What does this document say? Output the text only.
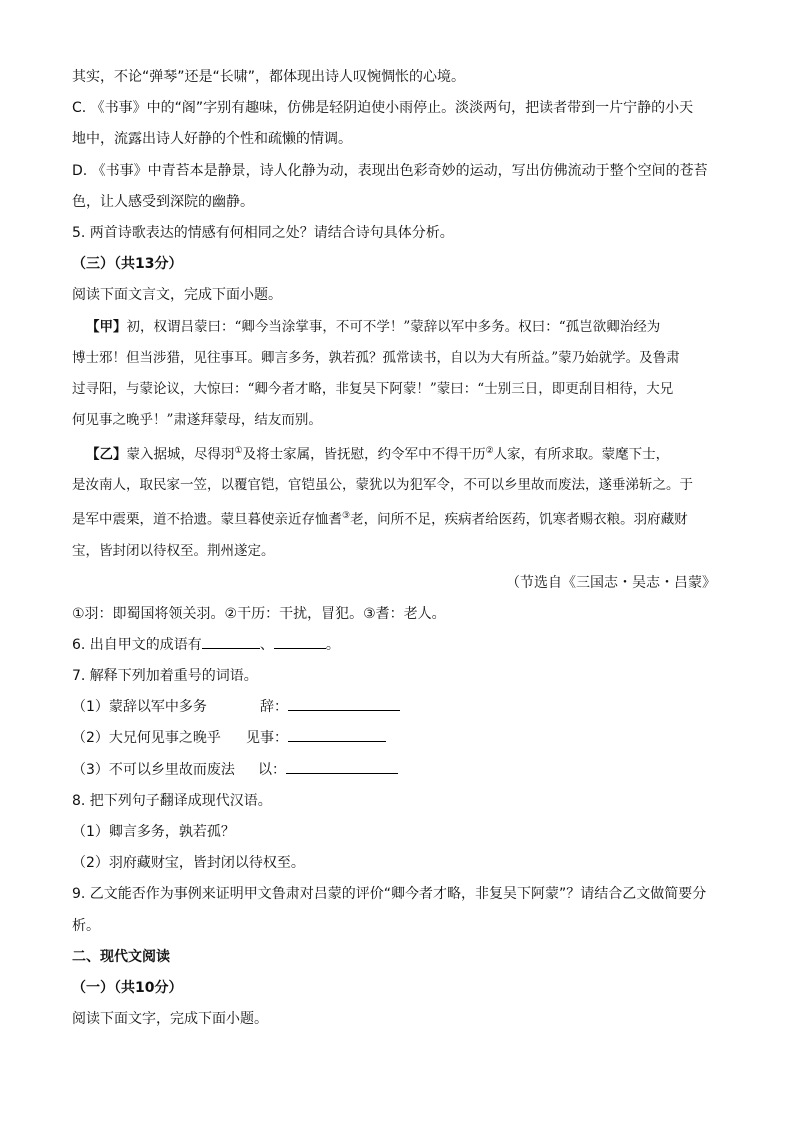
其实，不论“弹琴”还是“长啸”，都体现出诗人叹惋惆怅的心境。
C. 《书事》中的“阁”字别有趣味，仿佛是轻阴迫使小雨停止。淡淡两句，把读者带到一片宁静的小天
地中，流露出诗人好静的个性和疏懒的情调。
D. 《书事》中青苔本是静景，诗人化静为动，表现出色彩奇妙的运动，写出仿佛流动于整个空间的苍苔
色，让人感受到深院的幽静。
5. 两首诗歌表达的情感有何相同之处？请结合诗句具体分析。
（三）（共13分）
阅读下面文言文，完成下面小题。
【甲】初，权谓吕蒙曰：“卿今当涂掌事，不可不学！”蒙辞以军中多务。权曰：“孤岂欲卿治经为
博士邪！但当涉猎，见往事耳。卿言多务，孰若孤？孤常读书，自以为大有所益。”蒙乃始就学。及鲁肃
过寻阳，与蒙论议，大惊曰：“卿今者才略，非复吴下阿蒙！”蒙曰：“士别三日，即更刮目相待，大兄
何见事之晚乎！”肃遂拜蒙母，结友而别。
【乙】蒙入据城，尽得羽①及将士家属，皆抚慰，约令军中不得干历②人家，有所求取。蒙麾下士，
是汝南人，取民家一笠，以覆官铠，官铠虽公，蒙犹以为犯军令，不可以乡里故而废法，遂垂涕斩之。于
是军中震栗，道不拾遗。蒙旦暮使亲近存恤耆③老，问所不足，疾病者给医药，饥寒者赐衣粮。羽府藏财
宝，皆封闭以待权至。荆州遂定。
（节选自《三国志・吴志・吕蒙》
①羽：即蜀国将领关羽。②干历：干扰，冒犯。③耆：老人。
6. 出自甲文的成语有	、	。
7. 解释下列加着重号的词语。
（1）蒙辞以军中多务	辞：
（2）大兄何见事之晚乎 见事：
（3）不可以乡里故而废法 以：
8. 把下列句子翻译成现代汉语。
（1）卿言多务，孰若孤？
（2）羽府藏财宝，皆封闭以待权至。
9. 乙文能否作为事例来证明甲文鲁肃对吕蒙的评价“卿今者才略，非复吴下阿蒙”？请结合乙文做简要分
析。
二、现代文阅读
（一）（共10分）
阅读下面文字，完成下面小题。
